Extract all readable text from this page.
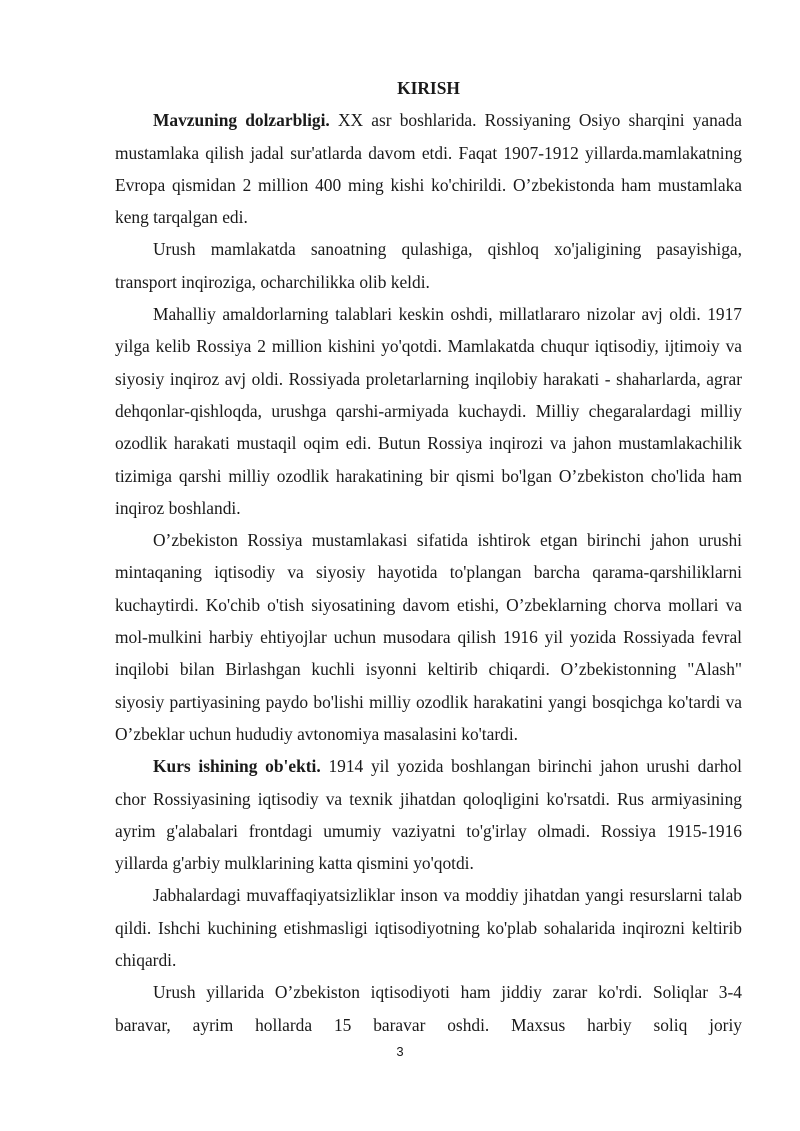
KIRISH

Mavzuning dolzarbligi. XX asr boshlarida. Rossiyaning Osiyo sharqini yanada mustamlaka qilish jadal sur'atlarda davom etdi. Faqat 1907-1912 yillarda.mamlakatning Evropa qismidan 2 million 400 ming kishi ko'chirildi. O’zbekistonda ham mustamlaka keng tarqalgan edi.

Urush mamlakatda sanoatning qulashiga, qishloq xo'jaligining pasayishiga, transport inqiroziga, ocharchilikka olib keldi.

Mahalliy amaldorlarning talablari keskin oshdi, millatlararo nizolar avj oldi. 1917 yilga kelib Rossiya 2 million kishini yo'qotdi. Mamlakatda chuqur iqtisodiy, ijtimoiy va siyosiy inqiroz avj oldi. Rossiyada proletarlarning inqilobiy harakati - shaharlarda, agrar dehqonlar-qishloqda, urushga qarshi-armiyada kuchaydi. Milliy chegaralardagi milliy ozodlik harakati mustaqil oqim edi. Butun Rossiya inqirozi va jahon mustamlakachilik tizimiga qarshi milliy ozodlik harakatining bir qismi bo'lgan O’zbekiston cho'lida ham inqiroz boshlandi.

O’zbekiston Rossiya mustamlakasi sifatida ishtirok etgan birinchi jahon urushi mintaqaning iqtisodiy va siyosiy hayotida to'plangan barcha qarama-qarshiliklarni kuchaytirdi. Ko'chib o'tish siyosatining davom etishi, O’zbeklarning chorva mollari va mol-mulkini harbiy ehtiyojlar uchun musodara qilish 1916 yil yozida Rossiyada fevral inqilobi bilan Birlashgan kuchli isyonni keltirib chiqardi. O’zbekistonning "Alash" siyosiy partiyasining paydo bo'lishi milliy ozodlik harakatini yangi bosqichga ko'tardi va O’zbeklar uchun hududiy avtonomiya masalasini ko'tardi.

Kurs ishining ob'ekti. 1914 yil yozida boshlangan birinchi jahon urushi darhol chor Rossiyasining iqtisodiy va texnik jihatdan qoloqligini ko'rsatdi. Rus armiyasining ayrim g'alabalari frontdagi umumiy vaziyatni to'g'irlay olmadi. Rossiya 1915-1916 yillarda g'arbiy mulklarining katta qismini yo'qotdi.

Jabhalardagi muvaffaqiyatsizliklar inson va moddiy jihatdan yangi resurslarni talab qildi. Ishchi kuchining etishmasligi iqtisodiyotning ko'plab sohalarida inqirozni keltirib chiqardi.

Urush yillarida O’zbekiston iqtisodiyoti ham jiddiy zarar ko'rdi. Soliqlar 3-4 baravar, ayrim hollarda 15 baravar oshdi. Maxsus harbiy soliq joriy

3
